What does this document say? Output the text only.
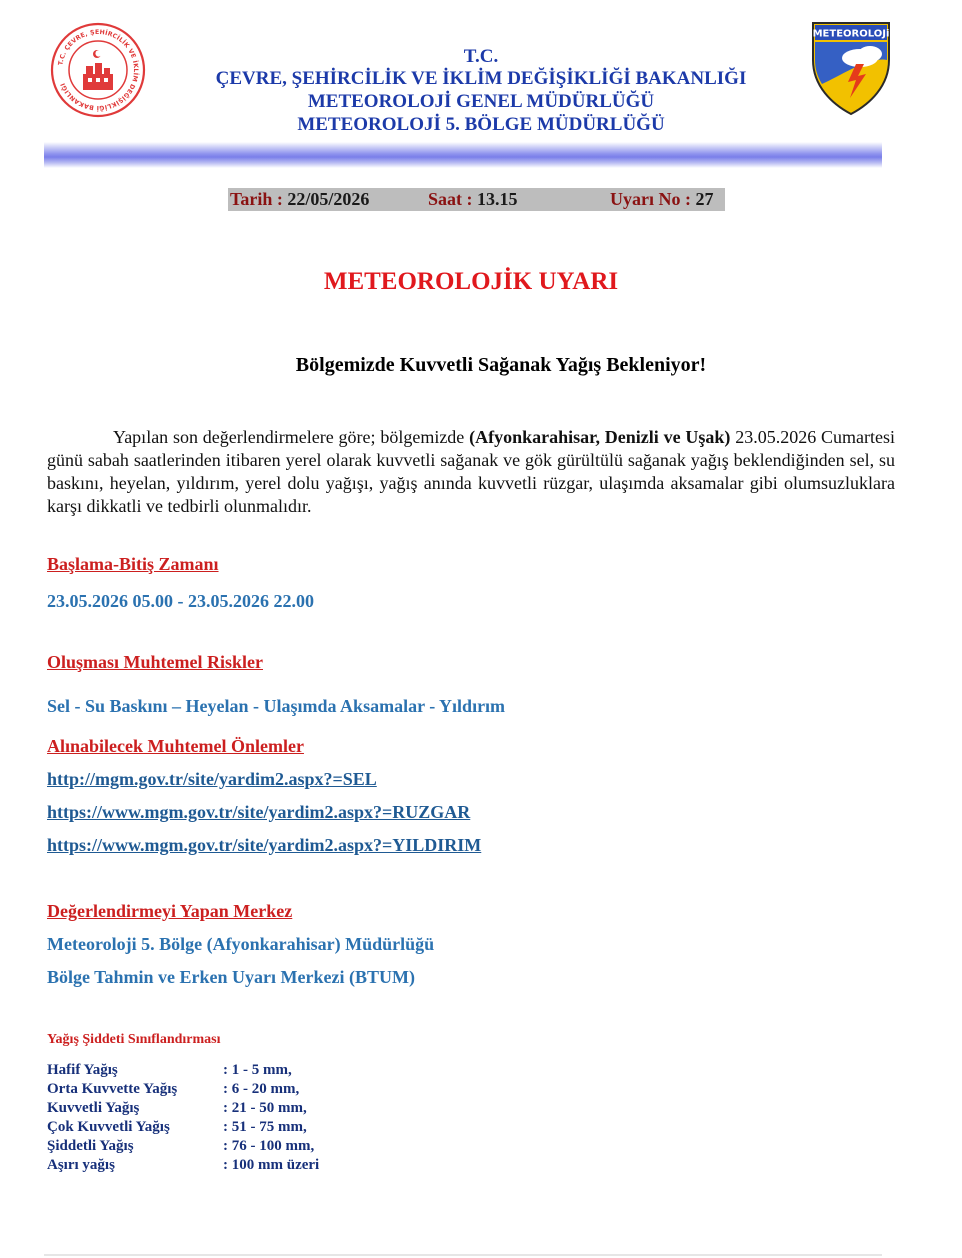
T.C. ÇEVRE, ŞEHİRCİLİK VE İKLİM DEĞİŞİKLİĞİ BAKANLIĞI
METEOROLOJi
T.C.
ÇEVRE, ŞEHİRCİLİK VE İKLİM DEĞİŞİKLİĞİ BAKANLIĞI
METEOROLOJİ GENEL MÜDÜRLÜĞÜ
METEOROLOJİ 5. BÖLGE MÜDÜRLÜĞÜ
Tarih : 22/05/2026	Saat : 13.15	Uyarı No : 27
METEOROLOJİK UYARI
Bölgemizde Kuvvetli Sağanak Yağış Bekleniyor!

Yapılan son değerlendirmelere göre; bölgemizde (Afyonkarahisar, Denizli ve Uşak) 23.05.2026 Cumartesi günü sabah saatlerinden itibaren yerel olarak kuvvetli sağanak ve gök gürültülü sağanak yağış beklendiğinden sel, su baskını, heyelan, yıldırım, yerel dolu yağışı, yağış anında kuvvetli rüzgar, ulaşımda aksamalar gibi olumsuzluklara karşı dikkatli ve tedbirli olunmalıdır.

Başlama-Bitiş Zamanı
23.05.2026 05.00 - 23.05.2026 22.00
Oluşması Muhtemel Riskler
Sel - Su Baskını – Heyelan - Ulaşımda Aksamalar - Yıldırım
Alınabilecek Muhtemel Önlemler
http://mgm.gov.tr/site/yardim2.aspx?=SEL
https://www.mgm.gov.tr/site/yardim2.aspx?=RUZGAR
https://www.mgm.gov.tr/site/yardim2.aspx?=YILDIRIM
Değerlendirmeyi Yapan Merkez
Meteoroloji 5. Bölge (Afyonkarahisar) Müdürlüğü
Bölge Tahmin ve Erken Uyarı Merkezi (BTUM)
Yağış Şiddeti Sınıflandırması
Hafif Yağış	: 1 - 5 mm,
Orta Kuvvette Yağış	: 6 - 20 mm,
Kuvvetli Yağış	: 21 - 50 mm,
Çok Kuvvetli Yağış	: 51 - 75 mm,
Şiddetli Yağış	: 76 - 100 mm,
Aşırı yağış	: 100 mm üzeri
